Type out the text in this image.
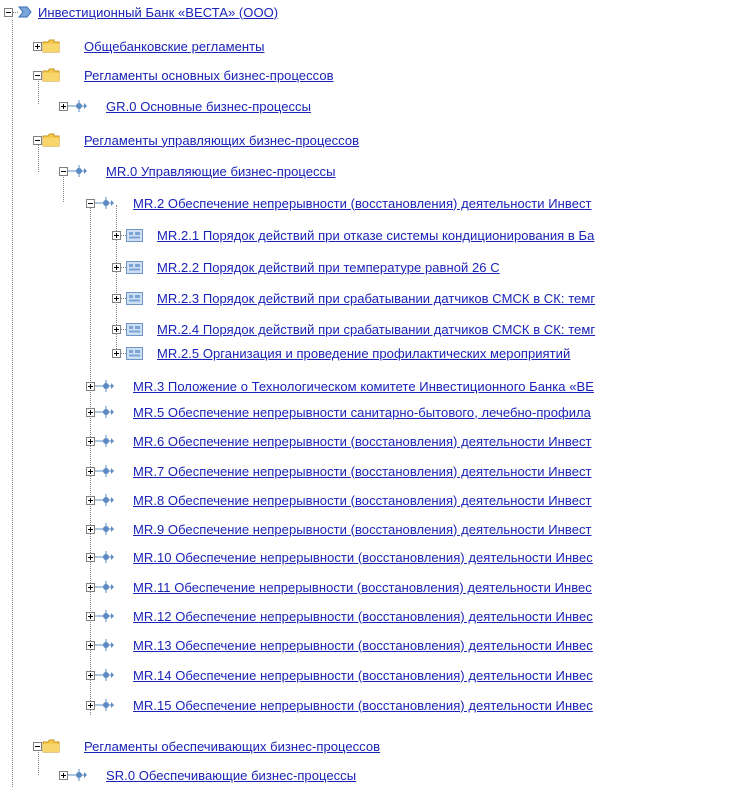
Инвестиционный Банк «ВЕСТА» (ООО)
Общебанковские регламенты
Регламенты основных бизнес-процессов
GR.0 Основные бизнес-процессы
Регламенты управляющих бизнес-процессов
MR.0 Управляющие бизнес-процессы
MR.2 Обеспечение непрерывности (восстановления) деятельности Инвест
MR.2.1 Порядок действий при отказе системы кондиционирования в Ба
MR.2.2 Порядок действий при температуре равной 26 С
MR.2.3 Порядок действий при срабатывании датчиков СМСК в СК: темг
MR.2.4 Порядок действий при срабатывании датчиков СМСК в СК: темг
MR.2.5 Организация и проведение профилактических мероприятий
MR.3 Положение о Технологическом комитете Инвестиционного Банка «ВЕ
MR.5 Обеспечение непрерывности санитарно-бытового, лечебно-профила
MR.6 Обеспечение непрерывности (восстановления) деятельности Инвест
MR.7 Обеспечение непрерывности (восстановления) деятельности Инвест
MR.8 Обеспечение непрерывности (восстановления) деятельности Инвест
MR.9 Обеспечение непрерывности (восстановления) деятельности Инвест
MR.10 Обеспечение непрерывности (восстановления) деятельности Инвес
MR.11 Обеспечение непрерывности (восстановления) деятельности Инвес
MR.12 Обеспечение непрерывности (восстановления) деятельности Инвес
MR.13 Обеспечение непрерывности (восстановления) деятельности Инвес
MR.14 Обеспечение непрерывности (восстановления) деятельности Инвес
MR.15 Обеспечение непрерывности (восстановления) деятельности Инвес
Регламенты обеспечивающих бизнес-процессов
SR.0 Обеспечивающие бизнес-процессы
